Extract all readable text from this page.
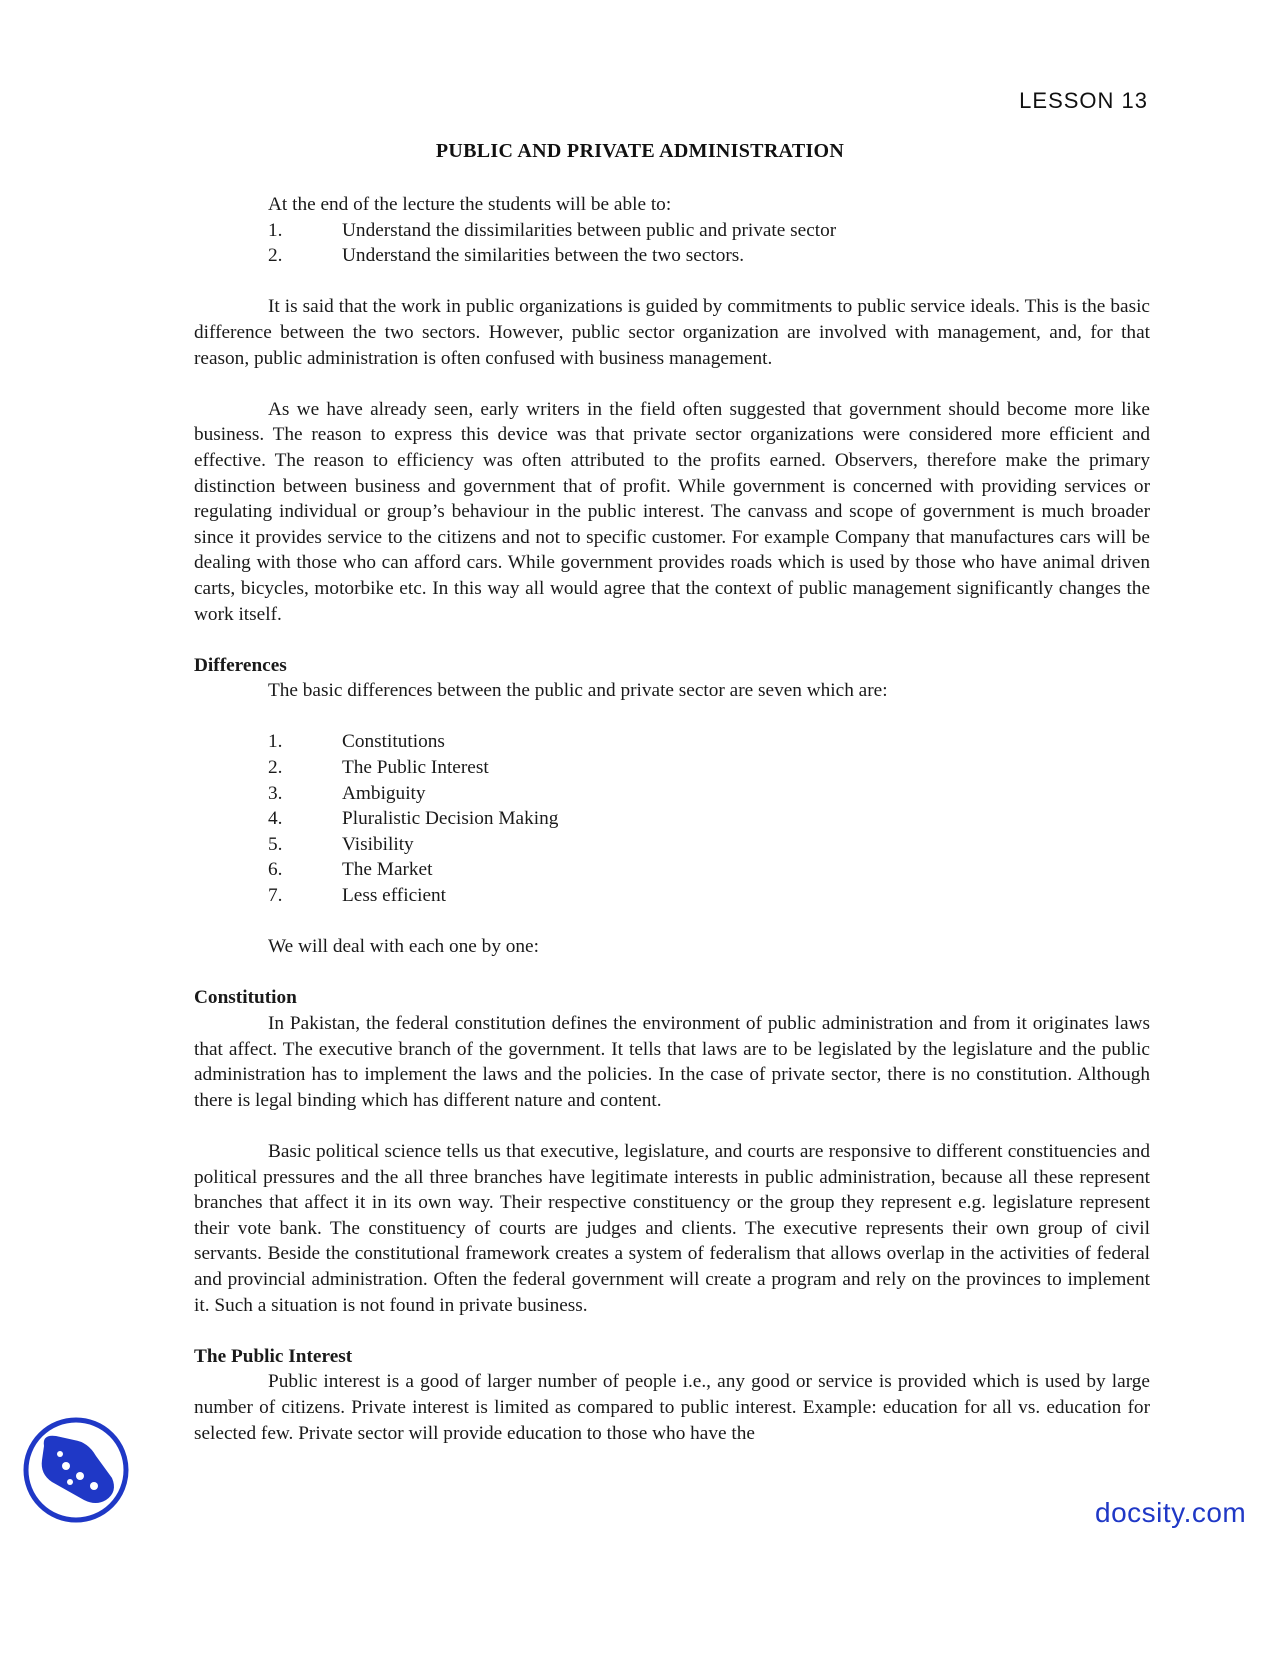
LESSON 13
PUBLIC AND PRIVATE ADMINISTRATION

At the end of the lecture the students will be able to:

1.	Understand the dissimilarities between public and private sector
2.	Understand the similarities between the two sectors.

It is said that the work in public organizations is guided by commitments to public service ideals. This is the basic difference between the two sectors. However, public sector organization are involved with management, and, for that reason, public administration is often confused with business management.

As we have already seen, early writers in the field often suggested that government should become more like business. The reason to express this device was that private sector organizations were considered more efficient and effective. The reason to efficiency was often attributed to the profits earned. Observers, therefore make the primary distinction between business and government that of profit. While government is concerned with providing services or regulating individual or group’s behaviour in the public interest. The canvass and scope of government is much broader since it provides service to the citizens and not to specific customer. For example Company that manufactures cars will be dealing with those who can afford cars. While government provides roads which is used by those who have animal driven carts, bicycles, motorbike etc. In this way all would agree that the context of public management significantly changes the work itself.

Differences

The basic differences between the public and private sector are seven which are:

1.	Constitutions
2.	The Public Interest
3.	Ambiguity
4.	Pluralistic Decision Making
5.	Visibility
6.	The Market
7.	Less efficient

We will deal with each one by one:

Constitution

In Pakistan, the federal constitution defines the environment of public administration and from it originates laws that affect. The executive branch of the government. It tells that laws are to be legislated by the legislature and the public administration has to implement the laws and the policies. In the case of private sector, there is no constitution. Although there is legal binding which has different nature and content.

Basic political science tells us that executive, legislature, and courts are responsive to different constituencies and political pressures and the all three branches have legitimate interests in public administration, because all these represent branches that affect it in its own way. Their respective constituency or the group they represent e.g. legislature represent their vote bank. The constituency of courts are judges and clients. The executive represents their own group of civil servants. Beside the constitutional framework creates a system of federalism that allows overlap in the activities of federal and provincial administration. Often the federal government will create a program and rely on the provinces to implement it. Such a situation is not found in private business.

The Public Interest

Public interest is a good of larger number of people i.e., any good or service is provided which is used by large number of citizens. Private interest is limited as compared to public interest. Example: education for all vs. education for selected few. Private sector will provide education to those who have the

docsity.com
